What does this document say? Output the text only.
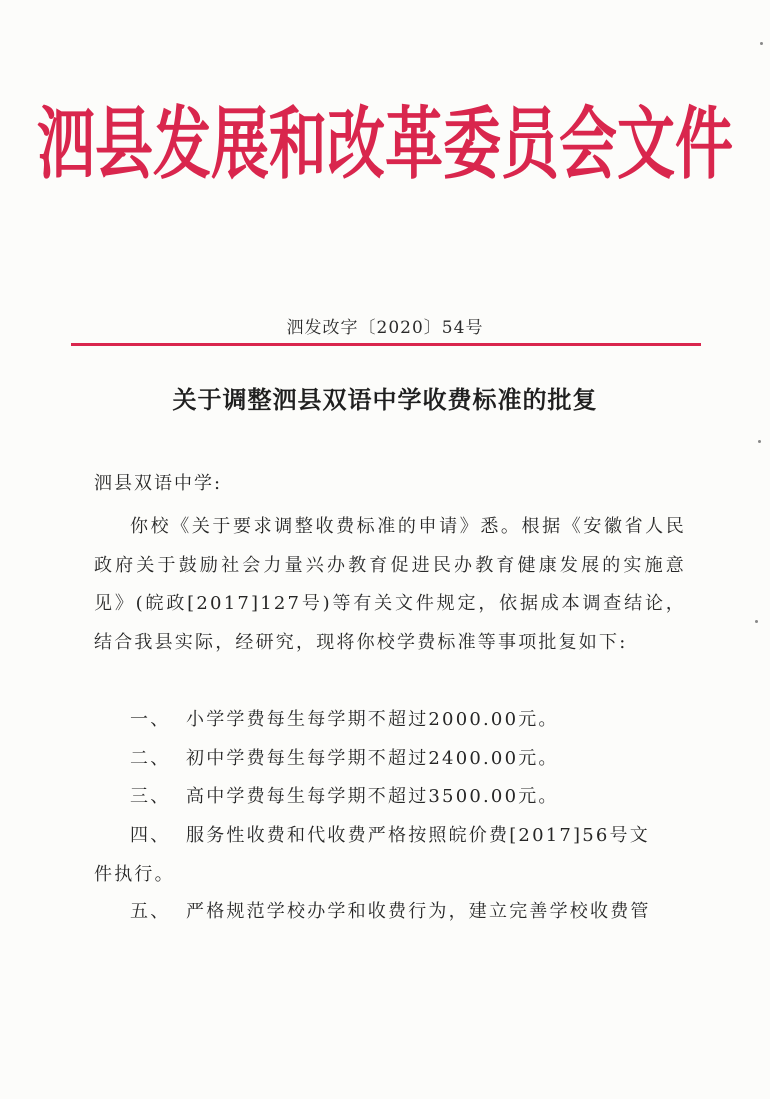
泗县发展和改革委员会文件
泗发改字〔2020〕54号
关于调整泗县双语中学收费标准的批复
泗县双语中学:

你校《关于要求调整收费标准的申请》悉。根据《安徽省人民政府关于鼓励社会力量兴办教育促进民办教育健康发展的实施意见》(皖政[2017]127号)等有关文件规定，依据成本调查结论，结合我县实际，经研究，现将你校学费标准等事项批复如下:

一、 小学学费每生每学期不超过2000.00元。

二、 初中学费每生每学期不超过2400.00元。

三、 高中学费每生每学期不超过3500.00元。

四、 服务性收费和代收费严格按照皖价费[2017]56号文
件执行。

五、 严格规范学校办学和收费行为，建立完善学校收费管
